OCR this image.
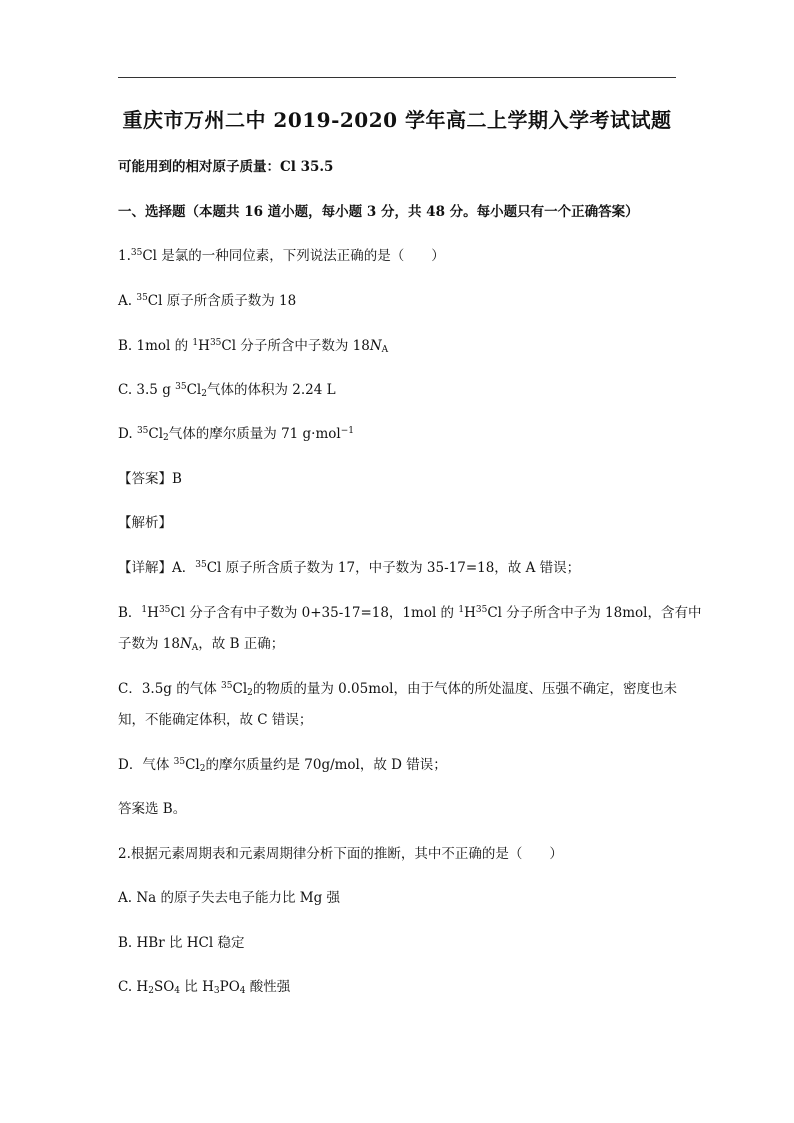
重庆市万州二中 2019-2020 学年高二上学期入学考试试题
可能用到的相对原子质量：Cl 35.5
一、选择题（本题共 16 道小题，每小题 3 分，共 48 分。每小题只有一个正确答案）
1.35Cl 是氯的一种同位素，下列说法正确的是（　　）
A. $^{35}$Cl 原子所含质子数为 18
B. 1mol 的 $^1H^{35}Cl$ 分子所含中子数为 $18N_A$
C. 3.5 g $^{35}Cl_2$气体的体积为 2.24 L
D. $^{35}Cl_2$气体的摩尔质量为 71 g·mol$^{-1}$
【答案】B
【解析】
【详解】A．$^{35}$Cl 原子所含质子数为 17，中子数为 35-17=18，故 A 错误；
B．$^1H^{35}Cl$ 分子含有中子数为 0+35-17=18，1mol 的 $^1H^{35}Cl$ 分子所含中子为 18mol，含有中
子数为 $18N_A$，故 B 正确；
C．3.5g 的气体 $^{35}Cl_2$的物质的量为 0.05mol，由于气体的所处温度、压强不确定，密度也未
知，不能确定体积，故 C 错误；
D．气体 $^{35}Cl_2$的摩尔质量约是 70g/mol，故 D 错误；
答案选 B。
2.根据元素周期表和元素周期律分析下面的推断，其中不正确的是（　　）
A. Na 的原子失去电子能力比 Mg 强
B. HBr 比 HCl 稳定
C. $H_2SO_4$ 比 $H_3PO_4$ 酸性强
